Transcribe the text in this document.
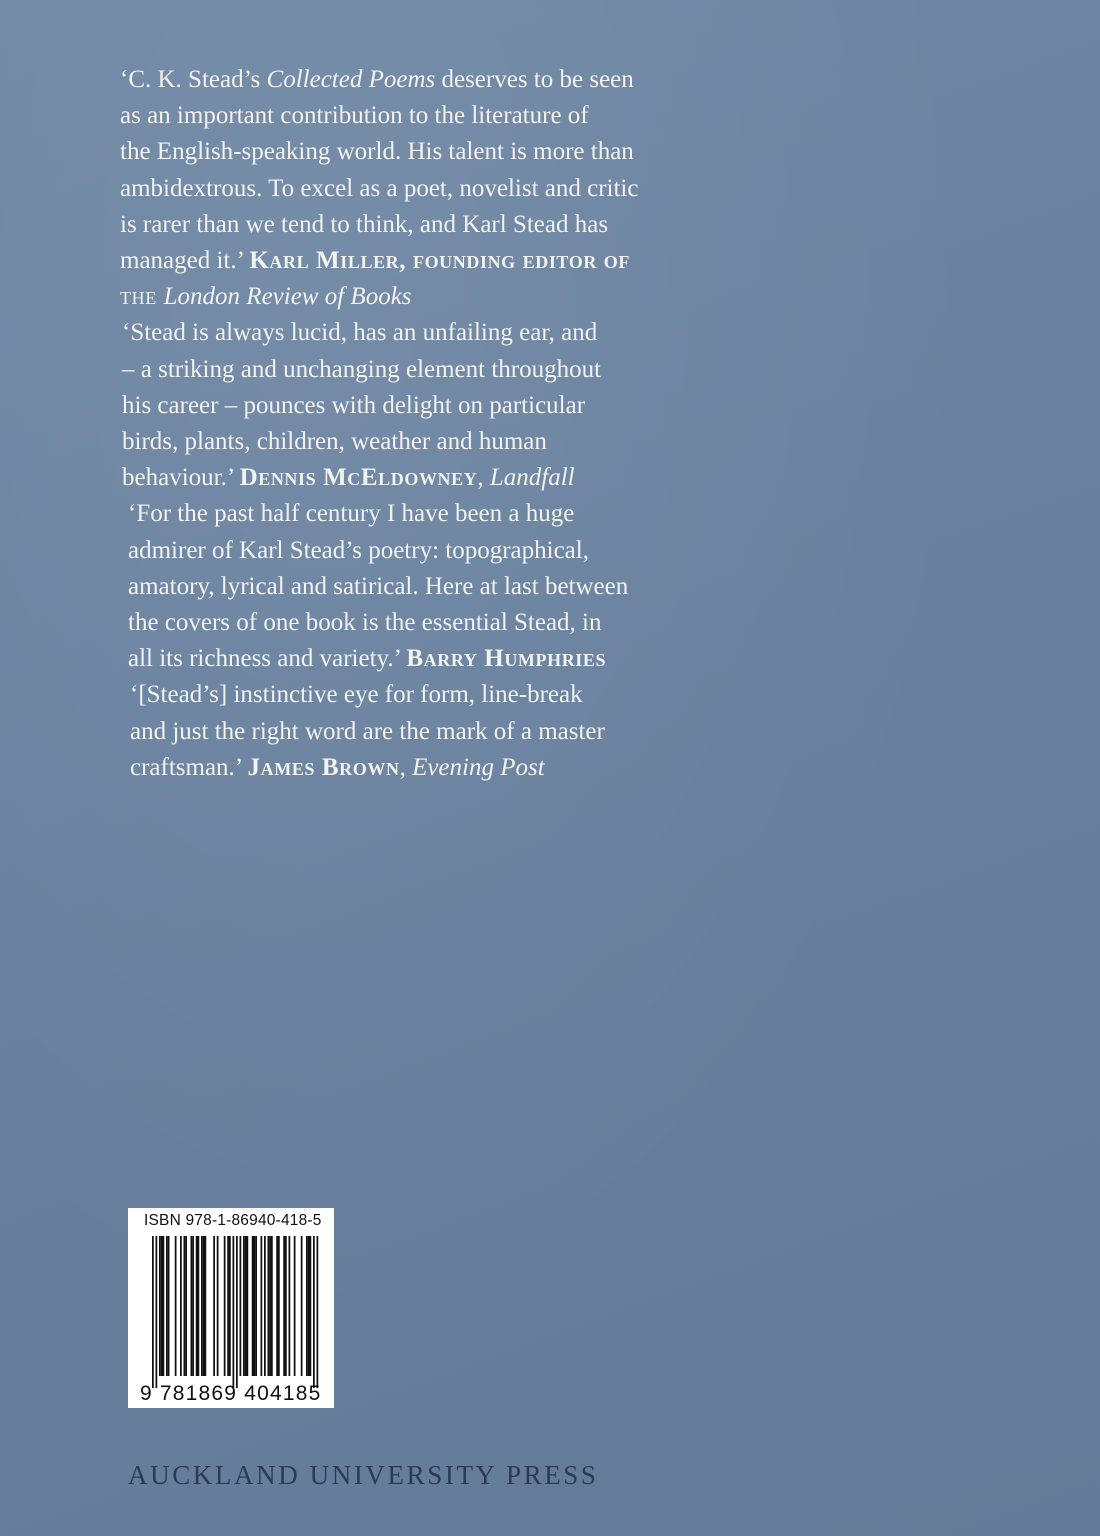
‘C. K. Stead’s Collected Poems deserves to be seen

as an important contribution to the literature of

the English-speaking world. His talent is more than

ambidextrous. To excel as a poet, novelist and critic

is rarer than we tend to think, and Karl Stead has

managed it.’ Karl Miller, founding editor of

the London Review of Books

‘Stead is always lucid, has an unfailing ear, and

– a striking and unchanging element throughout

his career – pounces with delight on particular

birds, plants, children, weather and human

behaviour.’ Dennis McEldowney, Landfall

‘For the past half century I have been a huge

admirer of Karl Stead’s poetry: topographical,

amatory, lyrical and satirical. Here at last between

the covers of one book is the essential Stead, in

all its richness and variety.’ Barry Humphries

‘[Stead’s] instinctive eye for form, line-break

and just the right word are the mark of a master

craftsman.’ James Brown, Evening Post

ISBN 978-1-86940-418-5
9 781869 404185
AUCKLAND UNIVERSITY PRESS
